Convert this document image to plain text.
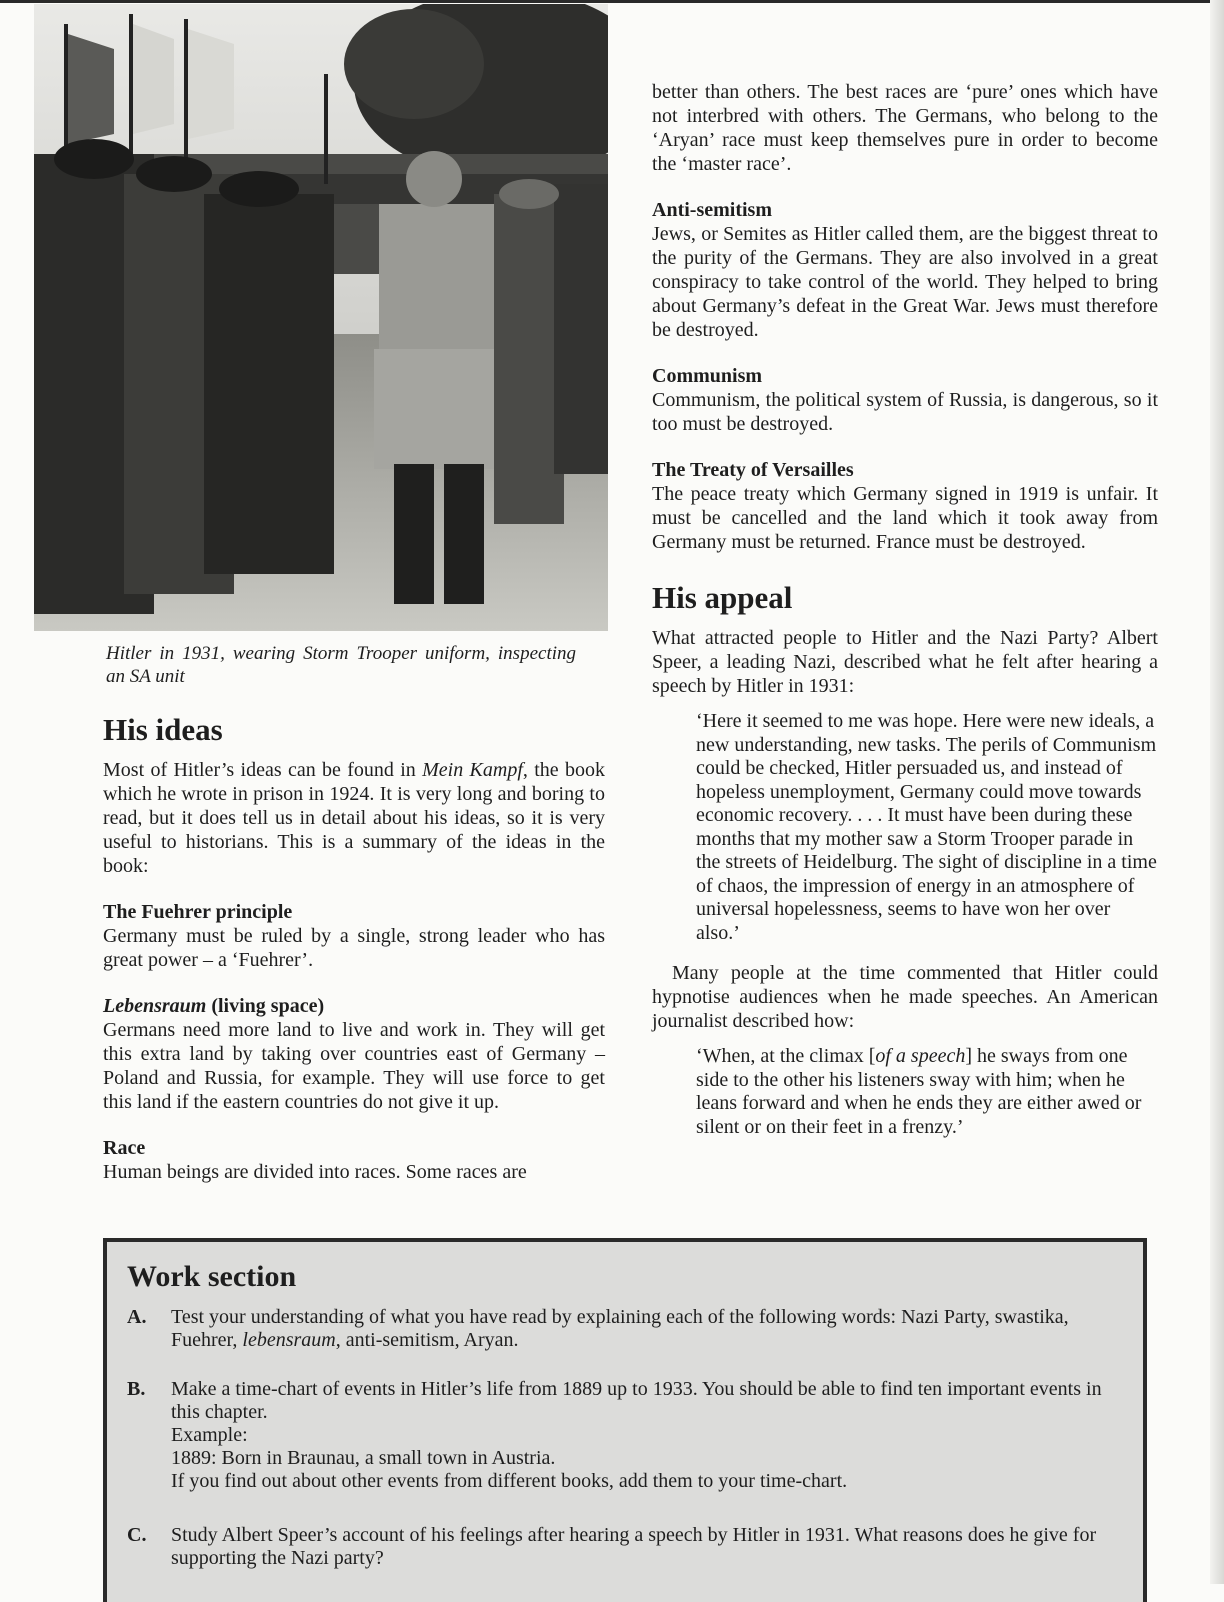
Hitler in 1931, wearing Storm Trooper uniform, inspecting an SA unit

His ideas

Most of Hitler’s ideas can be found in Mein Kampf, the book which he wrote in prison in 1924. It is very long and boring to read, but it does tell us in detail about his ideas, so it is very useful to historians. This is a summary of the ideas in the book:

The Fuehrer principle

Germany must be ruled by a single, strong leader who has great power – a ‘Fuehrer’.

Lebensraum (living space)

Germans need more land to live and work in. They will get this extra land by taking over countries east of Germany – Poland and Russia, for example. They will use force to get this land if the eastern countries do not give it up.

Race

Human beings are divided into races. Some races are

better than others. The best races are ‘pure’ ones which have not interbred with others. The Germans, who belong to the ‘Aryan’ race must keep themselves pure in order to become the ‘master race’.

Anti-semitism

Jews, or Semites as Hitler called them, are the biggest threat to the purity of the Germans. They are also involved in a great conspiracy to take control of the world. They helped to bring about Germany’s defeat in the Great War. Jews must therefore be destroyed.

Communism

Communism, the political system of Russia, is dangerous, so it too must be destroyed.

The Treaty of Versailles

The peace treaty which Germany signed in 1919 is unfair. It must be cancelled and the land which it took away from Germany must be returned. France must be destroyed.

His appeal

What attracted people to Hitler and the Nazi Party? Albert Speer, a leading Nazi, described what he felt after hearing a speech by Hitler in 1931:

‘Here it seemed to me was hope. Here were new ideals, a new understanding, new tasks. The perils of Communism could be checked, Hitler persuaded us, and instead of hopeless unemployment, Germany could move towards economic recovery. . . . It must have been during these months that my mother saw a Storm Trooper parade in the streets of Heidelburg. The sight of discipline in a time of chaos, the impression of energy in an atmosphere of universal hopelessness, seems to have won her over also.’

Many people at the time commented that Hitler could hypnotise audiences when he made speeches. An American journalist described how:

‘When, at the climax [of a speech] he sways from one side to the other his listeners sway with him; when he leans forward and when he ends they are either awed or silent or on their feet in a frenzy.’

Work section
A. Test your understanding of what you have read by explaining each of the following words: Nazi Party, swastika, Fuehrer, lebensraum, anti-semitism, Aryan.
B. Make a time-chart of events in Hitler’s life from 1889 up to 1933. You should be able to find ten important events in this chapter.
Example:
1889: Born in Braunau, a small town in Austria.
If you find out about other events from different books, add them to your time-chart.
C. Study Albert Speer’s account of his feelings after hearing a speech by Hitler in 1931. What reasons does he give for supporting the Nazi party?
